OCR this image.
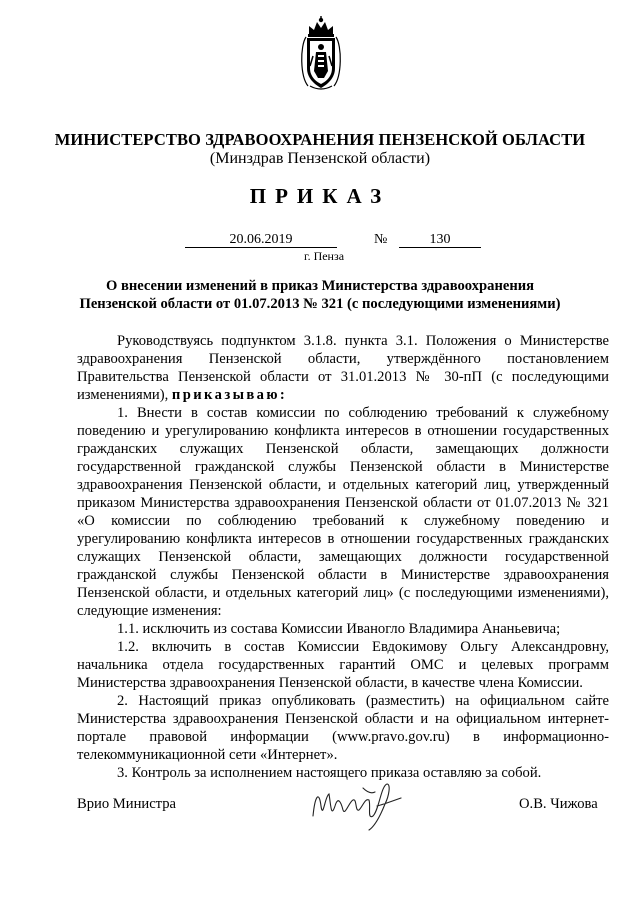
МИНИСТЕРСТВО ЗДРАВООХРАНЕНИЯ ПЕНЗЕНСКОЙ ОБЛАСТИ
(Минздрав Пензенской области)
ПРИКАЗ
20.06.2019	№	130
г. Пенза
О внесении изменений в приказ Министерства здравоохранения
Пензенской области от 01.07.2013 № 321 (с последующими изменениями)

Руководствуясь подпунктом 3.1.8. пункта 3.1. Положения о Министерстве здравоохранения Пензенской области, утверждённого постановлением Правительства Пензенской области от 31.01.2013 № 30-пП (с последующими изменениями), приказываю:

1. Внести в состав комиссии по соблюдению требований к служебному поведению и урегулированию конфликта интересов в отношении государственных гражданских служащих Пензенской области, замещающих должности государственной гражданской службы Пензенской области в Министерстве здравоохранения Пензенской области, и отдельных категорий лиц, утвержденный приказом Министерства здравоохранения Пензенской области от 01.07.2013 № 321 «О комиссии по соблюдению требований к служебному поведению и урегулированию конфликта интересов в отношении государственных гражданских служащих Пензенской области, замещающих должности государственной гражданской службы Пензенской области в Министерстве здравоохранения Пензенской области, и отдельных категорий лиц» (с последующими изменениями), следующие изменения:

1.1. исключить из состава Комиссии Иваногло Владимира Ананьевича;

1.2. включить в состав Комиссии Евдокимову Ольгу Александровну, начальника отдела государственных гарантий ОМС и целевых программ Министерства здравоохранения Пензенской области, в качестве члена Комиссии.

2. Настоящий приказ опубликовать (разместить) на официальном сайте Министерства здравоохранения Пензенской области и на официальном интернет-портале правовой информации (www.pravo.gov.ru) в информационно-телекоммуникационной сети «Интернет».

3. Контроль за исполнением настоящего приказа оставляю за собой.

Врио Министра	О.В. Чижова
